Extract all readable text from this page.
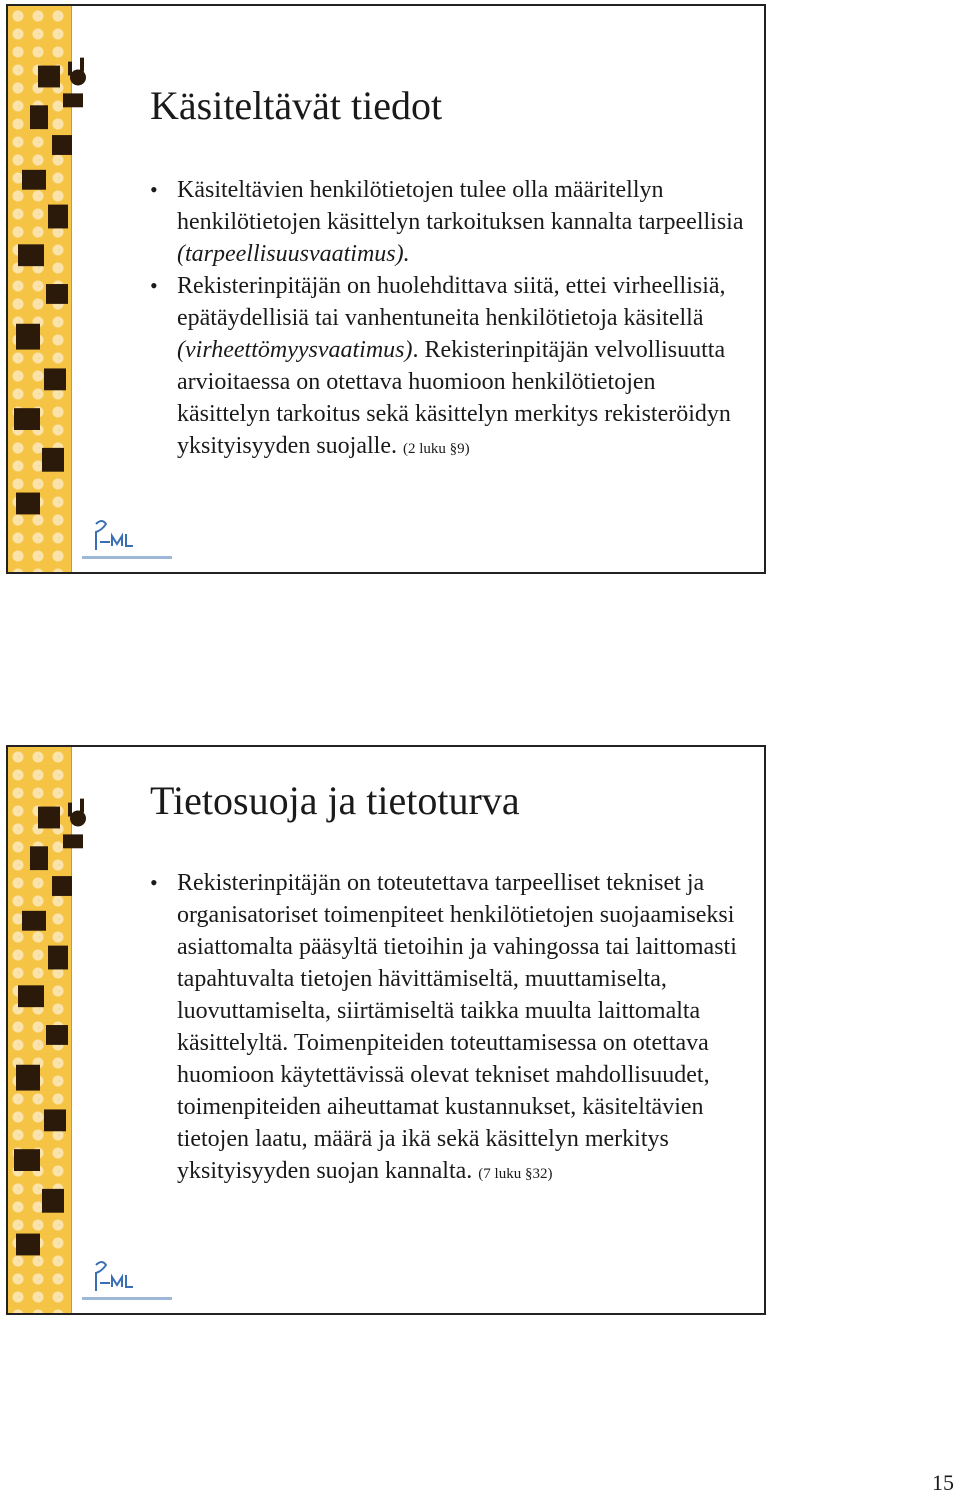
Käsiteltävät tiedot
• Käsiteltävien henkilötietojen tulee olla määritellyn henkilötietojen käsittelyn tarkoituksen kannalta tarpeellisia (tarpeellisuusvaatimus).
• Rekisterinpitäjän on huolehdittava siitä, ettei virheellisiä, epätäydellisiä tai vanhentuneita henkilötietoja käsitellä (virheettömyysvaatimus). Rekisterinpitäjän velvollisuutta arvioitaessa on otettava huomioon henkilötietojen käsittelyn tarkoitus sekä käsittelyn merkitys rekisteröidyn yksityisyyden suojalle. (2 luku §9)
Tietosuoja ja tietoturva
• Rekisterinpitäjän on toteutettava tarpeelliset tekniset ja organisatoriset toimenpiteet henkilötietojen suojaamiseksi asiattomalta pääsyltä tietoihin ja vahingossa tai laittomasti tapahtuvalta tietojen hävittämiseltä, muuttamiselta, luovuttamiselta, siirtämiseltä taikka muulta laittomalta käsittelyltä. Toimenpiteiden toteuttamisessa on otettava huomioon käytettävissä olevat tekniset mahdollisuudet, toimenpiteiden aiheuttamat kustannukset, käsiteltävien tietojen laatu, määrä ja ikä sekä käsittelyn merkitys yksityisyyden suojan kannalta. (7 luku §32)
15
